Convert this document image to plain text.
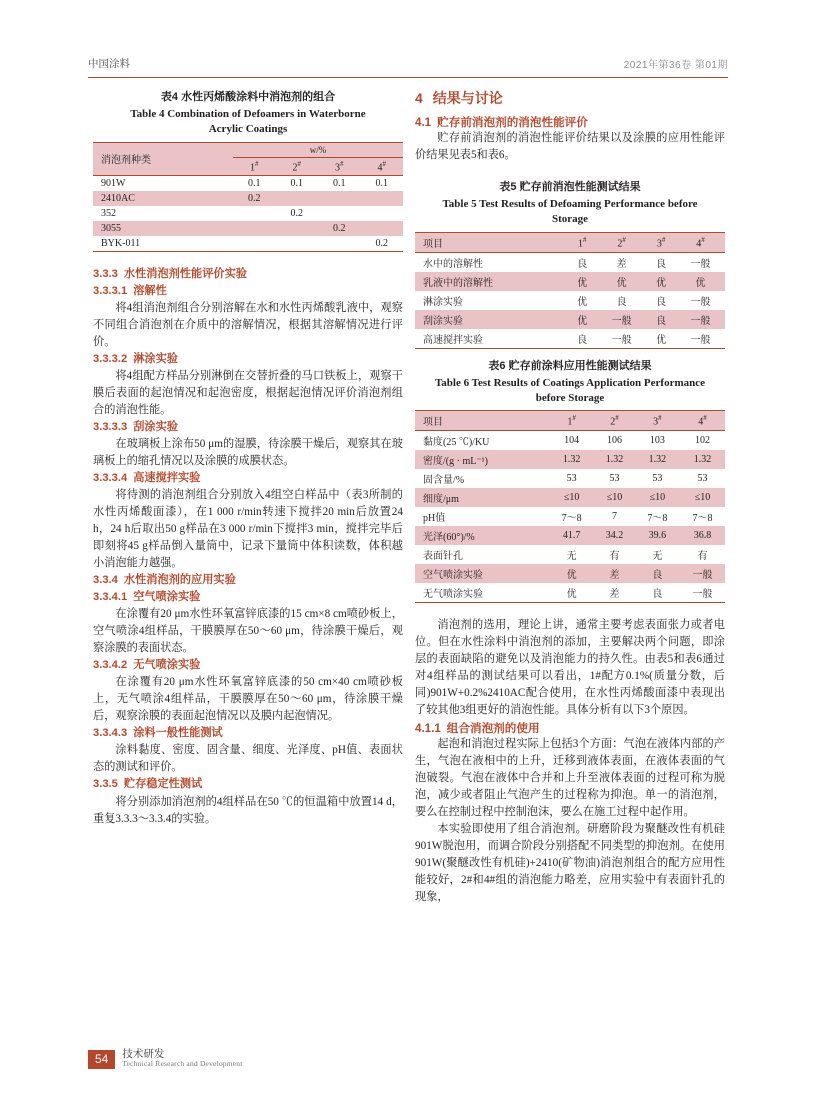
中国涂料	2021年第36卷 第01期
表4 水性丙烯酸涂料中消泡剂的组合
Table 4 Combination of Defoamers in Waterborne
Acrylic Coatings
消泡剂种类	w/%			
	1#	2#	3#	4#
901W	0.1	0.1	0.1	0.1
2410AC	0.2			
352		0.2		
3055			0.2	
BYK-011				0.2
3.3.3 水性消泡剂性能评价实验
3.3.3.1 溶解性

将4组消泡剂组合分别溶解在水和水性丙烯酸乳液中，观察不同组合消泡剂在介质中的溶解情况，根据其溶解情况进行评价。

3.3.3.2 淋涂实验

将4组配方样品分别淋倒在交替折叠的马口铁板上，观察干膜后表面的起泡情况和起泡密度，根据起泡情况评价消泡剂组合的消泡性能。

3.3.3.3 刮涂实验

在玻璃板上涂布50 μm的湿膜，待涂膜干燥后，观察其在玻璃板上的缩孔情况以及涂膜的成膜状态。

3.3.3.4 高速搅拌实验

将待测的消泡剂组合分别放入4组空白样品中（表3所制的水性丙烯酸面漆），在1 000 r/min转速下搅拌20 min后放置24 h，24 h后取出50 g样品在3 000 r/min下搅拌3 min，搅拌完毕后即刻将45 g样品倒入量筒中，记录下量筒中体积读数，体积越小消泡能力越强。

3.3.4 水性消泡剂的应用实验
3.3.4.1 空气喷涂实验

在涂覆有20 μm水性环氧富锌底漆的15 cm×8 cm喷砂板上，空气喷涂4组样品，干膜膜厚在50～60 μm，待涂膜干燥后，观察涂膜的表面状态。

3.3.4.2 无气喷涂实验

在涂覆有20 μm水性环氧富锌底漆的50 cm×40 cm喷砂板上，无气喷涂4组样品，干膜膜厚在50～60 μm，待涂膜干燥后，观察涂膜的表面起泡情况以及膜内起泡情况。

3.3.4.3 涂料一般性能测试

涂料黏度、密度、固含量、细度、光泽度、pH值、表面状态的测试和评价。

3.3.5 贮存稳定性测试

将分别添加消泡剂的4组样品在50 ℃的恒温箱中放置14 d，重复3.3.3～3.3.4的实验。

4 结果与讨论
4.1 贮存前消泡剂的消泡性能评价

贮存前消泡剂的消泡性能评价结果以及涂膜的应用性能评价结果见表5和表6。

表5 贮存前消泡性能测试结果
Table 5 Test Results of Defoaming Performance before
Storage
项目	1#	2#	3#	4#
水中的溶解性	良	差	良	一般
乳液中的溶解性	优	优	优	优
淋涂实验	优	良	良	一般
刮涂实验	优	一般	良	一般
高速搅拌实验	良	一般	优	一般
表6 贮存前涂料应用性能测试结果
Table 6 Test Results of Coatings Application Performance
before Storage
项目	1#	2#	3#	4#
黏度(25 ℃)/KU	104	106	103	102
密度/(g · mL⁻¹)	1.32	1.32	1.32	1.32
固含量/%	53	53	53	53
细度/μm	≤10	≤10	≤10	≤10
pH值	7～8	7	7～8	7～8
光泽(60°)/%	41.7	34.2	39.6	36.8
表面针孔	无	有	无	有
空气喷涂实验	优	差	良	一般
无气喷涂实验	优	差	良	一般

消泡剂的选用，理论上讲，通常主要考虑表面张力或者电位。但在水性涂料中消泡剂的添加，主要解决两个问题，即涂层的表面缺陷的避免以及消泡能力的持久性。由表5和表6通过对4组样品的测试结果可以看出，1#配方0.1%(质量分数，后同)901W+0.2%2410AC配合使用，在水性丙烯酸面漆中表现出了较其他3组更好的消泡性能。具体分析有以下3个原因。

4.1.1 组合消泡剂的使用

起泡和消泡过程实际上包括3个方面：气泡在液体内部的产生，气泡在液相中的上升，迁移到液体表面，在液体表面的气泡破裂。气泡在液体中合并和上升至液体表面的过程可称为脱泡，减少或者阻止气泡产生的过程称为抑泡。单一的消泡剂，要么在控制过程中控制泡沫，要么在施工过程中起作用。

本实验即使用了组合消泡剂。研磨阶段为聚醚改性有机硅901W脱泡用，而调合阶段分别搭配不同类型的抑泡剂。在使用901W(聚醚改性有机硅)+2410(矿物油)消泡剂组合的配方应用性能较好，2#和4#组的消泡能力略差，应用实验中有表面针孔的现象，

54	技术研发
Technical Research and Development
